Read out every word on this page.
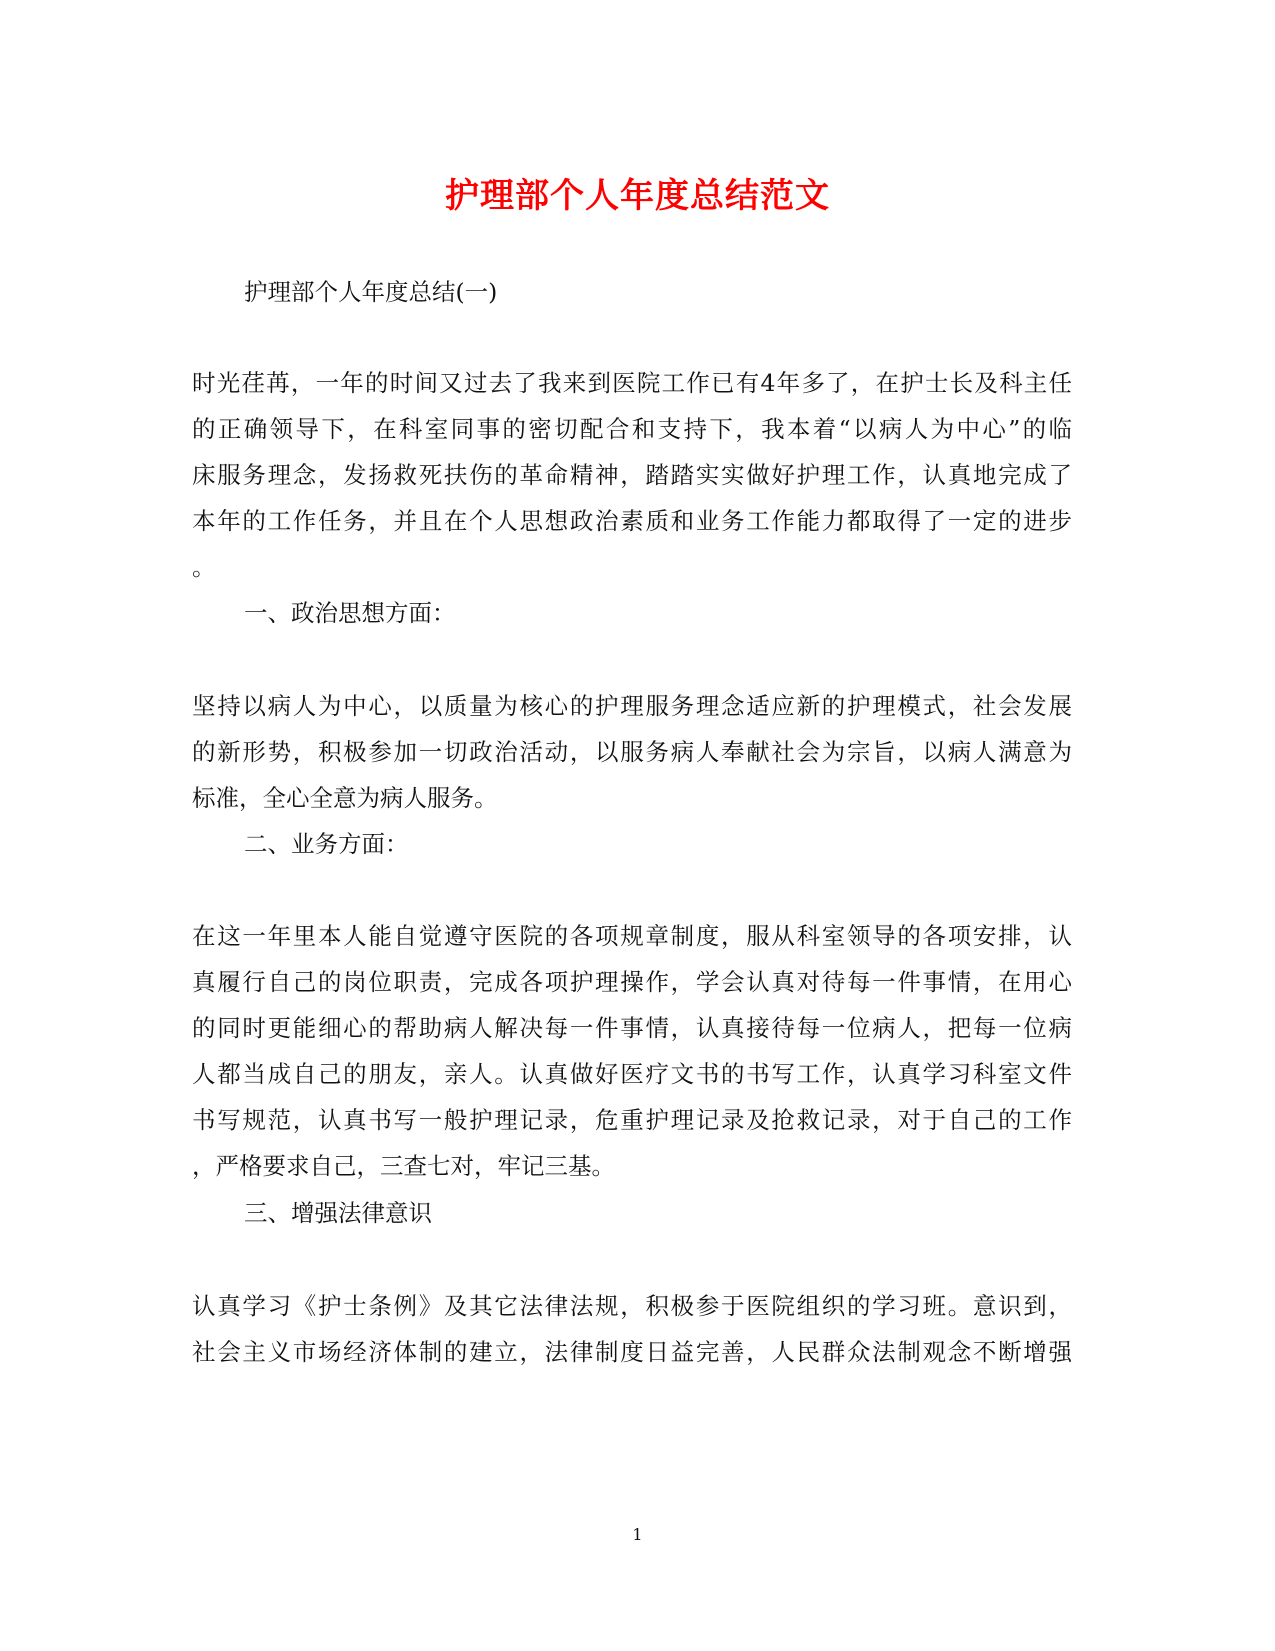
护理部个人年度总结范文
护理部个人年度总结(一)
时光荏苒，一年的时间又过去了我来到医院工作已有4年多了，在护士长及科主任
的正确领导下，在科室同事的密切配合和支持下，我本着“以病人为中心”的临
床服务理念，发扬救死扶伤的革命精神，踏踏实实做好护理工作，认真地完成了
本年的工作任务，并且在个人思想政治素质和业务工作能力都取得了一定的进步
。
一、政治思想方面：
坚持以病人为中心，以质量为核心的护理服务理念适应新的护理模式，社会发展
的新形势，积极参加一切政治活动，以服务病人奉献社会为宗旨，以病人满意为
标准，全心全意为病人服务。
二、业务方面：
在这一年里本人能自觉遵守医院的各项规章制度，服从科室领导的各项安排，认
真履行自己的岗位职责，完成各项护理操作，学会认真对待每一件事情，在用心
的同时更能细心的帮助病人解决每一件事情，认真接待每一位病人，把每一位病
人都当成自己的朋友，亲人。认真做好医疗文书的书写工作，认真学习科室文件
书写规范，认真书写一般护理记录，危重护理记录及抢救记录，对于自己的工作
，严格要求自己，三查七对，牢记三基。
三、增强法律意识
认真学习《护士条例》及其它法律法规，积极参于医院组织的学习班。意识到，
社会主义市场经济体制的建立，法律制度日益完善，人民群众法制观念不断增强
1
